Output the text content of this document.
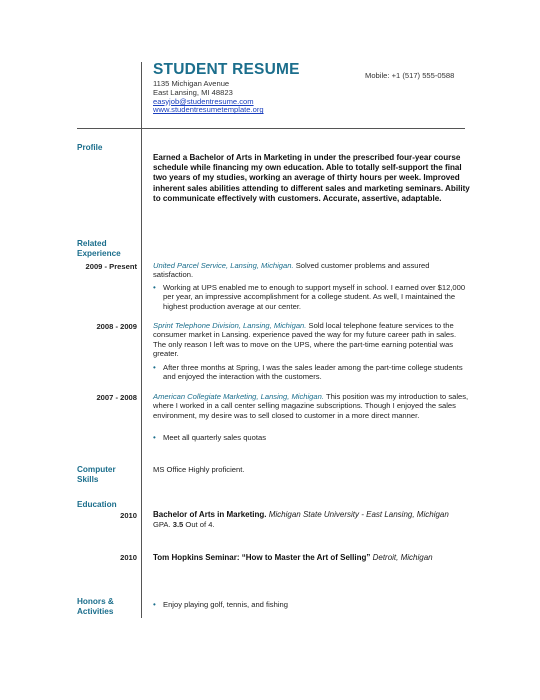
STUDENT RESUME
1135 Michigan Avenue
East Lansing, MI 48823
easyjob@studentresume.com
www.studentresumetemplate.org
Mobile: +1 (517) 555-0588
Profile
Earned a Bachelor of Arts in Marketing in under the prescribed four-year course schedule while financing my own education. Able to totally self-support the final two years of my studies, working an average of thirty hours per week. Improved inherent sales abilities attending to different sales and marketing seminars. Ability to communicate effectively with customers. Accurate, assertive, adaptable.
Related Experience
2009 - Present United Parcel Service, Lansing, Michigan. Solved customer problems and assured satisfaction.
• Working at UPS enabled me to enough to support myself in school. I earned over $12,000 per year, an impressive accomplishment for a college student. As well, I maintained the highest production average at our center.
2008 - 2009 Sprint Telephone Division, Lansing, Michigan. Sold local telephone feature services to the consumer market in Lansing. experience paved the way for my future career path in sales. The only reason I left was to move on the UPS, where the part-time earning potential was greater.
• After three months at Spring, I was the sales leader among the part-time college students and enjoyed the interaction with the customers.
2007 - 2008 American Collegiate Marketing, Lansing, Michigan. This position was my introduction to sales, where I worked in a call center selling magazine subscriptions. Though I enjoyed the sales environment, my desire was to sell closed to customer in a more direct manner.
• Meet all quarterly sales quotas
Computer Skills
MS Office Highly proficient.
Education
2010 Bachelor of Arts in Marketing. Michigan State University - East Lansing, Michigan
GPA. 3.5 Out of 4.
2010 Tom Hopkins Seminar: “How to Master the Art of Selling” Detroit, Michigan
Honors & Activities
• Enjoy playing golf, tennis, and fishing
